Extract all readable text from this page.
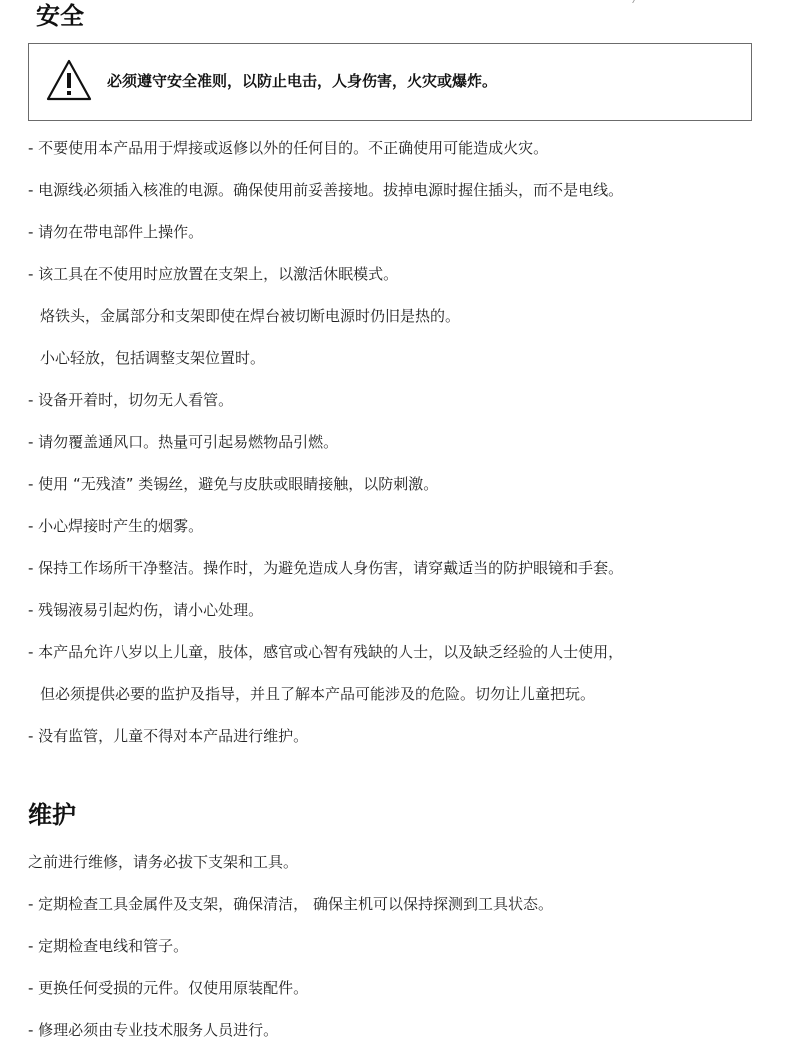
安全
必须遵守安全准则，以防止电击，人身伤害，火灾或爆炸。

- 不要使用本产品用于焊接或返修以外的任何目的。不正确使用可能造成火灾。

- 电源线必须插入核准的电源。确保使用前妥善接地。拔掉电源时握住插头，而不是电线。

- 请勿在带电部件上操作。

- 该工具在不使用时应放置在支架上，以激活休眠模式。

烙铁头，金属部分和支架即使在焊台被切断电源时仍旧是热的。

小心轻放，包括调整支架位置时。

- 设备开着时，切勿无人看管。

- 请勿覆盖通风口。热量可引起易燃物品引燃。

- 使用 “无残渣” 类锡丝，避免与皮肤或眼睛接触，以防刺激。

- 小心焊接时产生的烟雾。

- 保持工作场所干净整洁。操作时，为避免造成人身伤害，请穿戴适当的防护眼镜和手套。

- 残锡液易引起灼伤，请小心处理。

- 本产品允许八岁以上儿童，肢体，感官或心智有残缺的人士，以及缺乏经验的人士使用，

但必须提供必要的监护及指导，并且了解本产品可能涉及的危险。切勿让儿童把玩。

- 没有监管，儿童不得对本产品进行维护。

维护

之前进行维修，请务必拔下支架和工具。

- 定期检查工具金属件及支架，确保清洁， 确保主机可以保持探测到工具状态。

- 定期检查电线和管子。

- 更换任何受损的元件。仅使用原装配件。

- 修理必须由专业技术服务人员进行。
